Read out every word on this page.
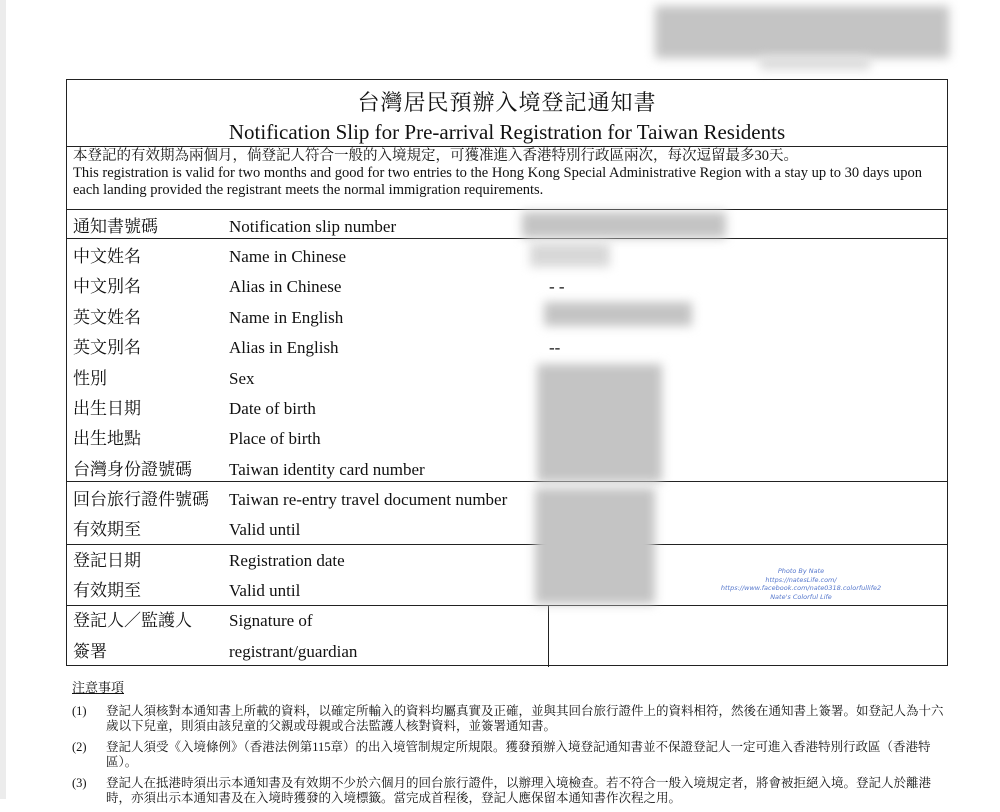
台灣居民預辦入境登記通知書
Notification Slip for Pre-arrival Registration for Taiwan Residents
本登記的有效期為兩個月，倘登記人符合一般的入境規定，可獲准進入香港特別行政區兩次，每次逗留最多30天。
This registration is valid for two months and good for two entries to the Hong Kong Special Administrative Region with a stay up to 30 days upon each landing provided the registrant meets the normal immigration requirements.
通知書號碼	Notification slip number
中文姓名	Name in Chinese
中文別名	Alias in Chinese	- -
英文姓名	Name in English
英文別名	Alias in English	--
性別	Sex
出生日期	Date of birth
出生地點	Place of birth
台灣身份證號碼 Taiwan identity card number
回台旅行證件號碼 Taiwan re-entry travel document number
有效期至	Valid until
登記日期	Registration date
有效期至	Valid until
登記人／監護人 Signature of
簽署	registrant/guardian
Photo By Nate
https://natesLife.com/
https://www.facebook.com/nate0318.colorfullife2
Nate's Colorful Life
注意事項
(1) 登記人須核對本通知書上所載的資料，以確定所輸入的資料均屬真實及正確，並與其回台旅行證件上的資料相符，然後在通知書上簽署。如登記人為十六歲以下兒童，則須由該兒童的父親或母親或合法監護人核對資料，並簽署通知書。
(2) 登記人須受《入境條例》（香港法例第115章）的出入境管制規定所規限。獲發預辦入境登記通知書並不保證登記人一定可進入香港特別行政區（香港特區）。
(3) 登記人在抵港時須出示本通知書及有效期不少於六個月的回台旅行證件，以辦理入境檢查。若不符合一般入境規定者，將會被拒絕入境。登記人於離港時，亦須出示本通知書及在入境時獲發的入境標籤。當完成首程後，登記人應保留本通知書作次程之用。
